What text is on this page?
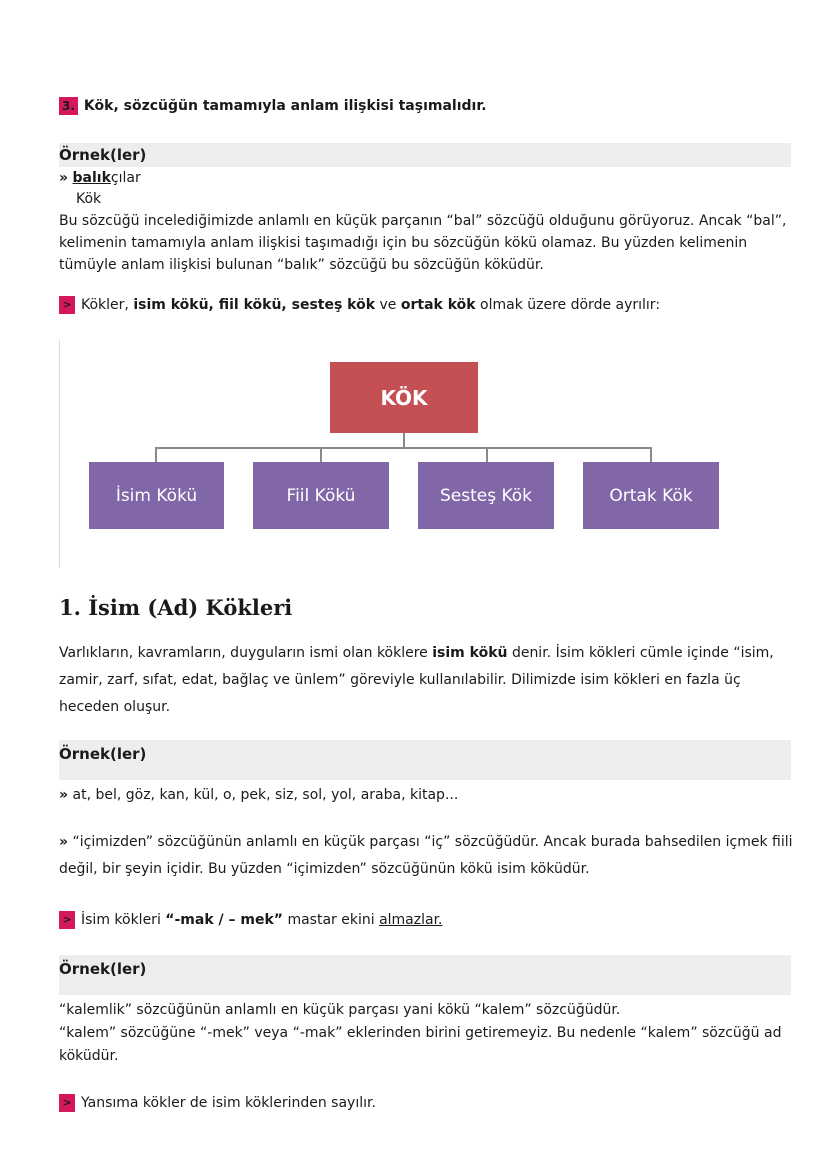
3. Kök, sözcüğün tamamıyla anlam ilişkisi taşımalıdır.
Örnek(ler)
» balıkçılar
Kök
Bu sözcüğü incelediğimizde anlamlı en küçük parçanın “bal” sözcüğü olduğunu görüyoruz. Ancak “bal”,
kelimenin tamamıyla anlam ilişkisi taşımadığı için bu sözcüğün kökü olamaz. Bu yüzden kelimenin
tümüyle anlam ilişkisi bulunan “balık” sözcüğü bu sözcüğün köküdür.
> Kökler, isim kökü, fiil kökü, sesteş kök ve ortak kök olmak üzere dörde ayrılır:
KÖK
İsim Kökü	Fiil Kökü	Sesteş Kök	Ortak Kök
1. İsim (Ad) Kökleri
Varlıkların, kavramların, duyguların ismi olan köklere isim kökü denir. İsim kökleri cümle içinde “isim,
zamir, zarf, sıfat, edat, bağlaç ve ünlem” göreviyle kullanılabilir. Dilimizde isim kökleri en fazla üç
heceden oluşur.
Örnek(ler)
» at, bel, göz, kan, kül, o, pek, siz, sol, yol, araba, kitap...
» “içimizden” sözcüğünün anlamlı en küçük parçası “iç” sözcüğüdür. Ancak burada bahsedilen içmek fiili
değil, bir şeyin içidir. Bu yüzden “içimizden” sözcüğünün kökü isim köküdür.
> İsim kökleri “-mak / – mek” mastar ekini almazlar.
Örnek(ler)
“kalemlik” sözcüğünün anlamlı en küçük parçası yani kökü “kalem” sözcüğüdür.
“kalem” sözcüğüne “-mek” veya “-mak” eklerinden birini getiremeyiz. Bu nedenle “kalem” sözcüğü ad
köküdür.
> Yansıma kökler de isim köklerinden sayılır.
